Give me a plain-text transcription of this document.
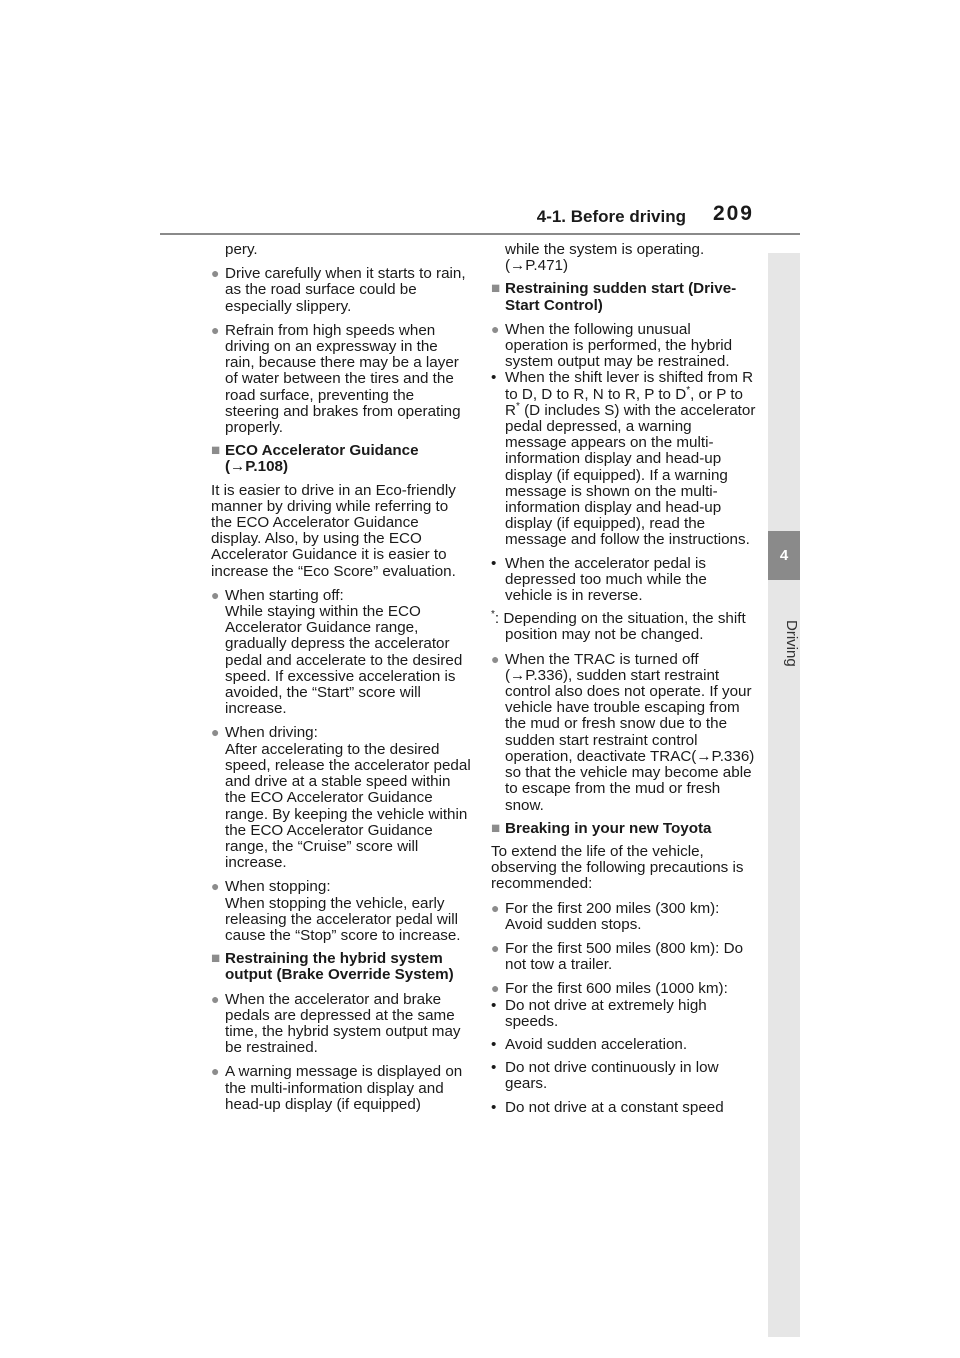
4-1. Before driving 209
4
Driving

pery.

● Drive carefully when it starts to rain, as the road surface could be especially slippery.

● Refrain from high speeds when driving on an expressway in the rain, because there may be a layer of water between the tires and the road surface, preventing the steering and brakes from operating properly.

■ ECO Accelerator Guidance (→P.108)

It is easier to drive in an Eco-friendly manner by driving while referring to the ECO Accelerator Guidance display. Also, by using the ECO Accelerator Guidance it is easier to increase the “Eco Score” evaluation.

● When starting off:
While staying within the ECO Accelerator Guidance range, gradually depress the accelerator pedal and accelerate to the desired speed. If excessive acceleration is avoided, the “Start” score will increase.

● When driving:
After accelerating to the desired speed, release the accelerator pedal and drive at a stable speed within the ECO Accelerator Guidance range. By keeping the vehicle within the ECO Accelerator Guidance range, the “Cruise” score will increase.

● When stopping:
When stopping the vehicle, early releasing the accelerator pedal will cause the “Stop” score to increase.

■ Restraining the hybrid system output (Brake Override System)

● When the accelerator and brake pedals are depressed at the same time, the hybrid system output may be restrained.

● A warning message is displayed on the multi-information display and head-up display (if equipped)

while the system is operating. (→P.471)

■ Restraining sudden start (Drive-Start Control)

● When the following unusual operation is performed, the hybrid system output may be restrained.

• When the shift lever is shifted from R to D, D to R, N to R, P to D*, or P to R* (D includes S) with the accelerator pedal depressed, a warning message appears on the multi-information display and head-up display (if equipped). If a warning message is shown on the multi-information display and head-up display (if equipped), read the message and follow the instructions.

• When the accelerator pedal is depressed too much while the vehicle is in reverse.

*: Depending on the situation, the shift position may not be changed.

● When the TRAC is turned off (→P.336), sudden start restraint control also does not operate. If your vehicle have trouble escaping from the mud or fresh snow due to the sudden start restraint control operation, deactivate TRAC(→P.336) so that the vehicle may become able to escape from the mud or fresh snow.

■ Breaking in your new Toyota

To extend the life of the vehicle, observing the following precautions is recommended:

● For the first 200 miles (300 km): Avoid sudden stops.

● For the first 500 miles (800 km): Do not tow a trailer.

● For the first 600 miles (1000 km):

• Do not drive at extremely high speeds.

• Avoid sudden acceleration.

• Do not drive continuously in low gears.

• Do not drive at a constant speed
